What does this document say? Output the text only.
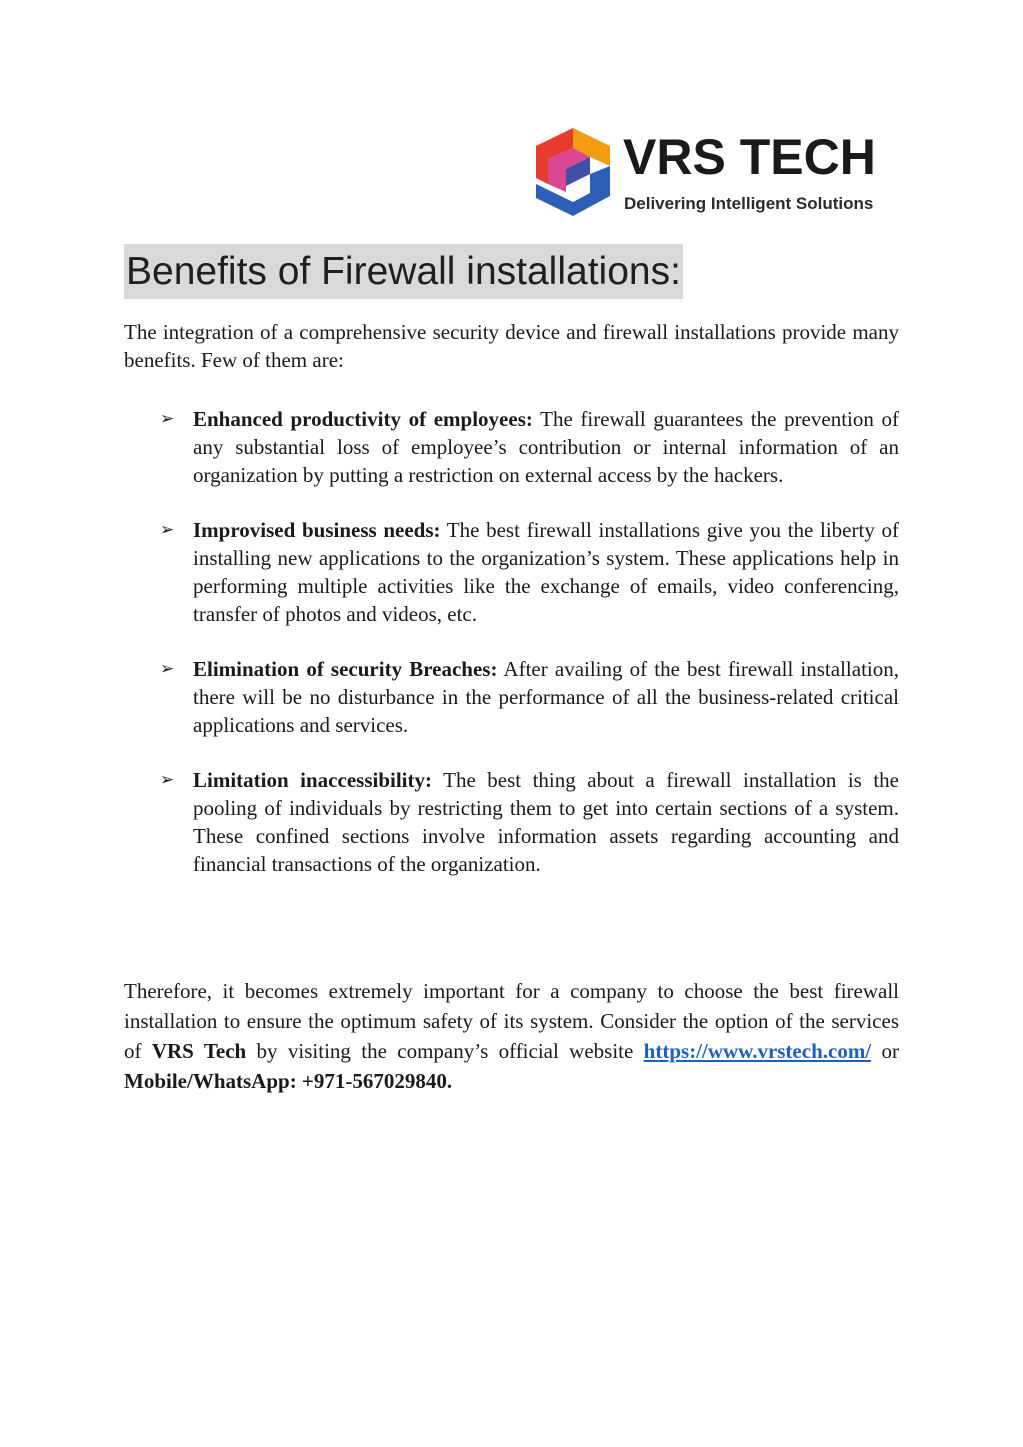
VRS TECH
Delivering Intelligent Solutions
Benefits of Firewall installations:

The integration of a comprehensive security device and firewall installations provide many benefits. Few of them are:

➢ Enhanced productivity of employees: The firewall guarantees the prevention of any substantial loss of employee’s contribution or internal information of an organization by putting a restriction on external access by the hackers.
➢ Improvised business needs: The best firewall installations give you the liberty of installing new applications to the organization’s system. These applications help in performing multiple activities like the exchange of emails, video conferencing, transfer of photos and videos, etc.
➢ Elimination of security Breaches: After availing of the best firewall installation, there will be no disturbance in the performance of all the business-related critical applications and services.
➢ Limitation inaccessibility: The best thing about a firewall installation is the pooling of individuals by restricting them to get into certain sections of a system. These confined sections involve information assets regarding accounting and financial transactions of the organization.

Therefore, it becomes extremely important for a company to choose the best firewall installation to ensure the optimum safety of its system. Consider the option of the services of VRS Tech by visiting the company’s official website https://www.vrstech.com/ or Mobile/WhatsApp: +971-567029840.
